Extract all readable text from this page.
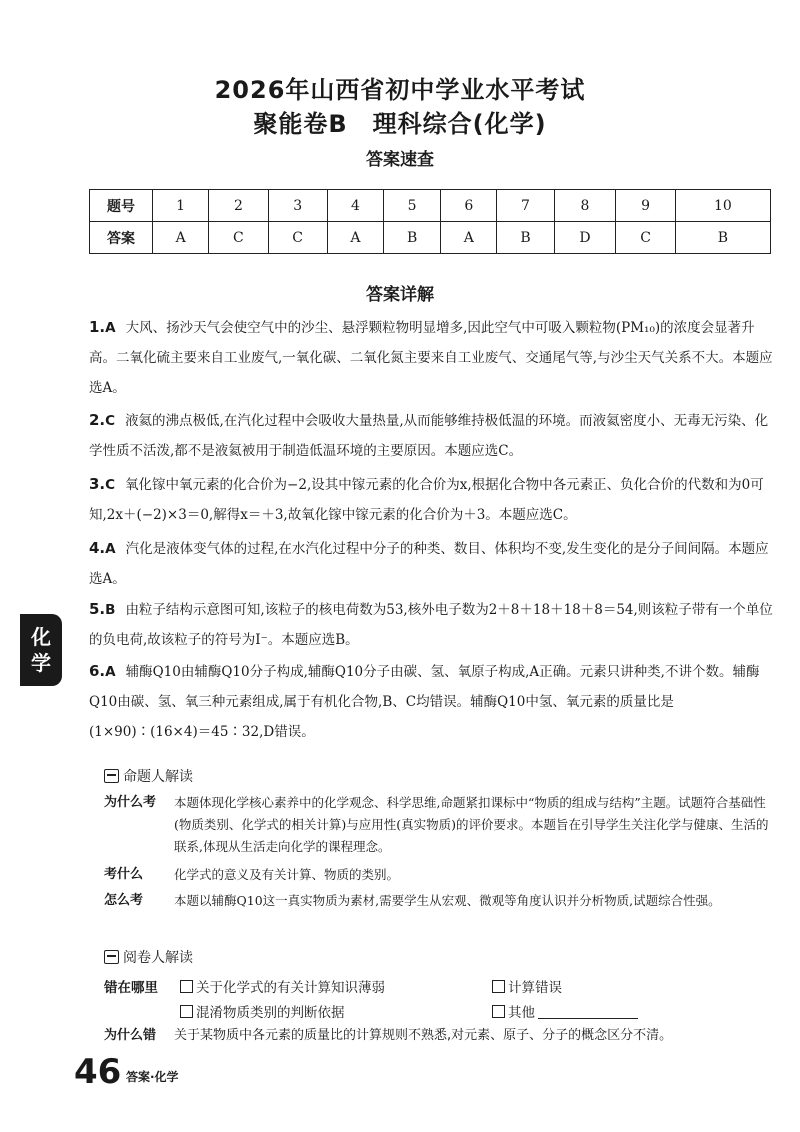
2026年山西省初中学业水平考试
聚能卷B　理科综合(化学)
答案速查
题号	1	2	3	4	5	6	7	8	9	10
答案	A	C	C	A	B	A	B	D	C	B
答案详解
1.A 大风、扬沙天气会使空气中的沙尘、悬浮颗粒物明显增多,因此空气中可吸入颗粒物(PM₁₀)的浓度会显著升高。二氧化硫主要来自工业废气,一氧化碳、二氧化氮主要来自工业废气、交通尾气等,与沙尘天气关系不大。本题应选A。
2.C 液氦的沸点极低,在汽化过程中会吸收大量热量,从而能够维持极低温的环境。而液氦密度小、无毒无污染、化学性质不活泼,都不是液氦被用于制造低温环境的主要原因。本题应选C。
3.C 氧化镓中氧元素的化合价为−2,设其中镓元素的化合价为x,根据化合物中各元素正、负化合价的代数和为0可知,2x＋(−2)×3＝0,解得x＝＋3,故氧化镓中镓元素的化合价为＋3。本题应选C。
4.A 汽化是液体变气体的过程,在水汽化过程中分子的种类、数目、体积均不变,发生变化的是分子间间隔。本题应选A。
5.B 由粒子结构示意图可知,该粒子的核电荷数为53,核外电子数为2＋8＋18＋18＋8＝54,则该粒子带有一个单位的负电荷,故该粒子的符号为I⁻。本题应选B。
6.A 辅酶Q10由辅酶Q10分子构成,辅酶Q10分子由碳、氢、氧原子构成,A正确。元素只讲种类,不讲个数。辅酶Q10由碳、氢、氧三种元素组成,属于有机化合物,B、C均错误。辅酶Q10中氢、氧元素的质量比是(1×90)∶(16×4)＝45∶32,D错误。
化
学
命题人解读
为什么考	本题体现化学核心素养中的化学观念、科学思维,命题紧扣课标中“物质的组成与结构”主题。试题符合基础性(物质类别、化学式的相关计算)与应用性(真实物质)的评价要求。本题旨在引导学生关注化学与健康、生活的联系,体现从生活走向化学的课程理念。
考什么	化学式的意义及有关计算、物质的类别。
怎么考	本题以辅酶Q10这一真实物质为素材,需要学生从宏观、微观等角度认识并分析物质,试题综合性强。
阅卷人解读
错在哪里	关于化学式的有关计算知识薄弱	计算错误
混淆物质类别的判断依据	其他
为什么错	关于某物质中各元素的质量比的计算规则不熟悉,对元素、原子、分子的概念区分不清。
46 答案·化学
